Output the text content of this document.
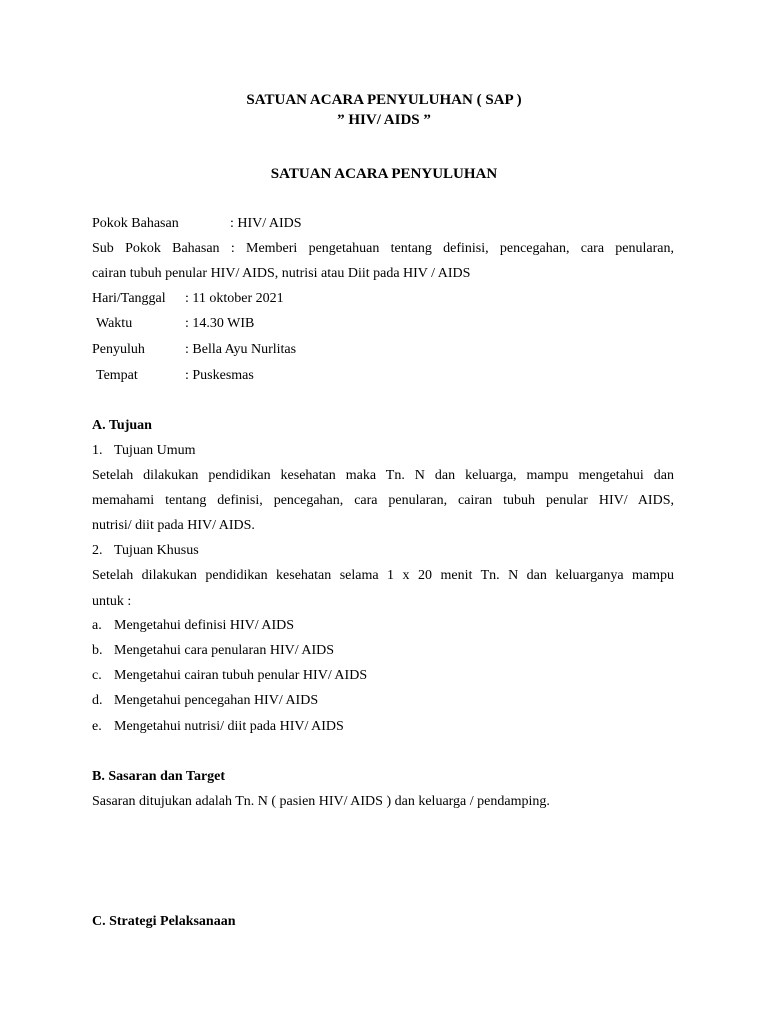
SATUAN ACARA PENYULUHAN ( SAP )
” HIV/ AIDS ”
SATUAN ACARA PENYULUHAN
Pokok Bahasan	: HIV/ AIDS
Sub Pokok Bahasan : Memberi pengetahuan tentang definisi, pencegahan, cara penularan,
cairan tubuh penular HIV/ AIDS, nutrisi atau Diit pada HIV / AIDS
Hari/Tanggal : 11 oktober 2021
Waktu	: 14.30 WIB
Penyuluh	: Bella Ayu Nurlitas
Tempat	: Puskesmas
A. Tujuan
1. Tujuan Umum
Setelah dilakukan pendidikan kesehatan maka Tn. N dan keluarga, mampu mengetahui dan
memahami tentang definisi, pencegahan, cara penularan, cairan tubuh penular HIV/ AIDS,
nutrisi/ diit pada HIV/ AIDS.
2. Tujuan Khusus
Setelah dilakukan pendidikan kesehatan selama 1 x 20 menit Tn. N dan keluarganya mampu
untuk :
a. Mengetahui definisi HIV/ AIDS
b. Mengetahui cara penularan HIV/ AIDS
c. Mengetahui cairan tubuh penular HIV/ AIDS
d. Mengetahui pencegahan HIV/ AIDS
e. Mengetahui nutrisi/ diit pada HIV/ AIDS
B. Sasaran dan Target
Sasaran ditujukan adalah Tn. N ( pasien HIV/ AIDS ) dan keluarga / pendamping.
C. Strategi Pelaksanaan
